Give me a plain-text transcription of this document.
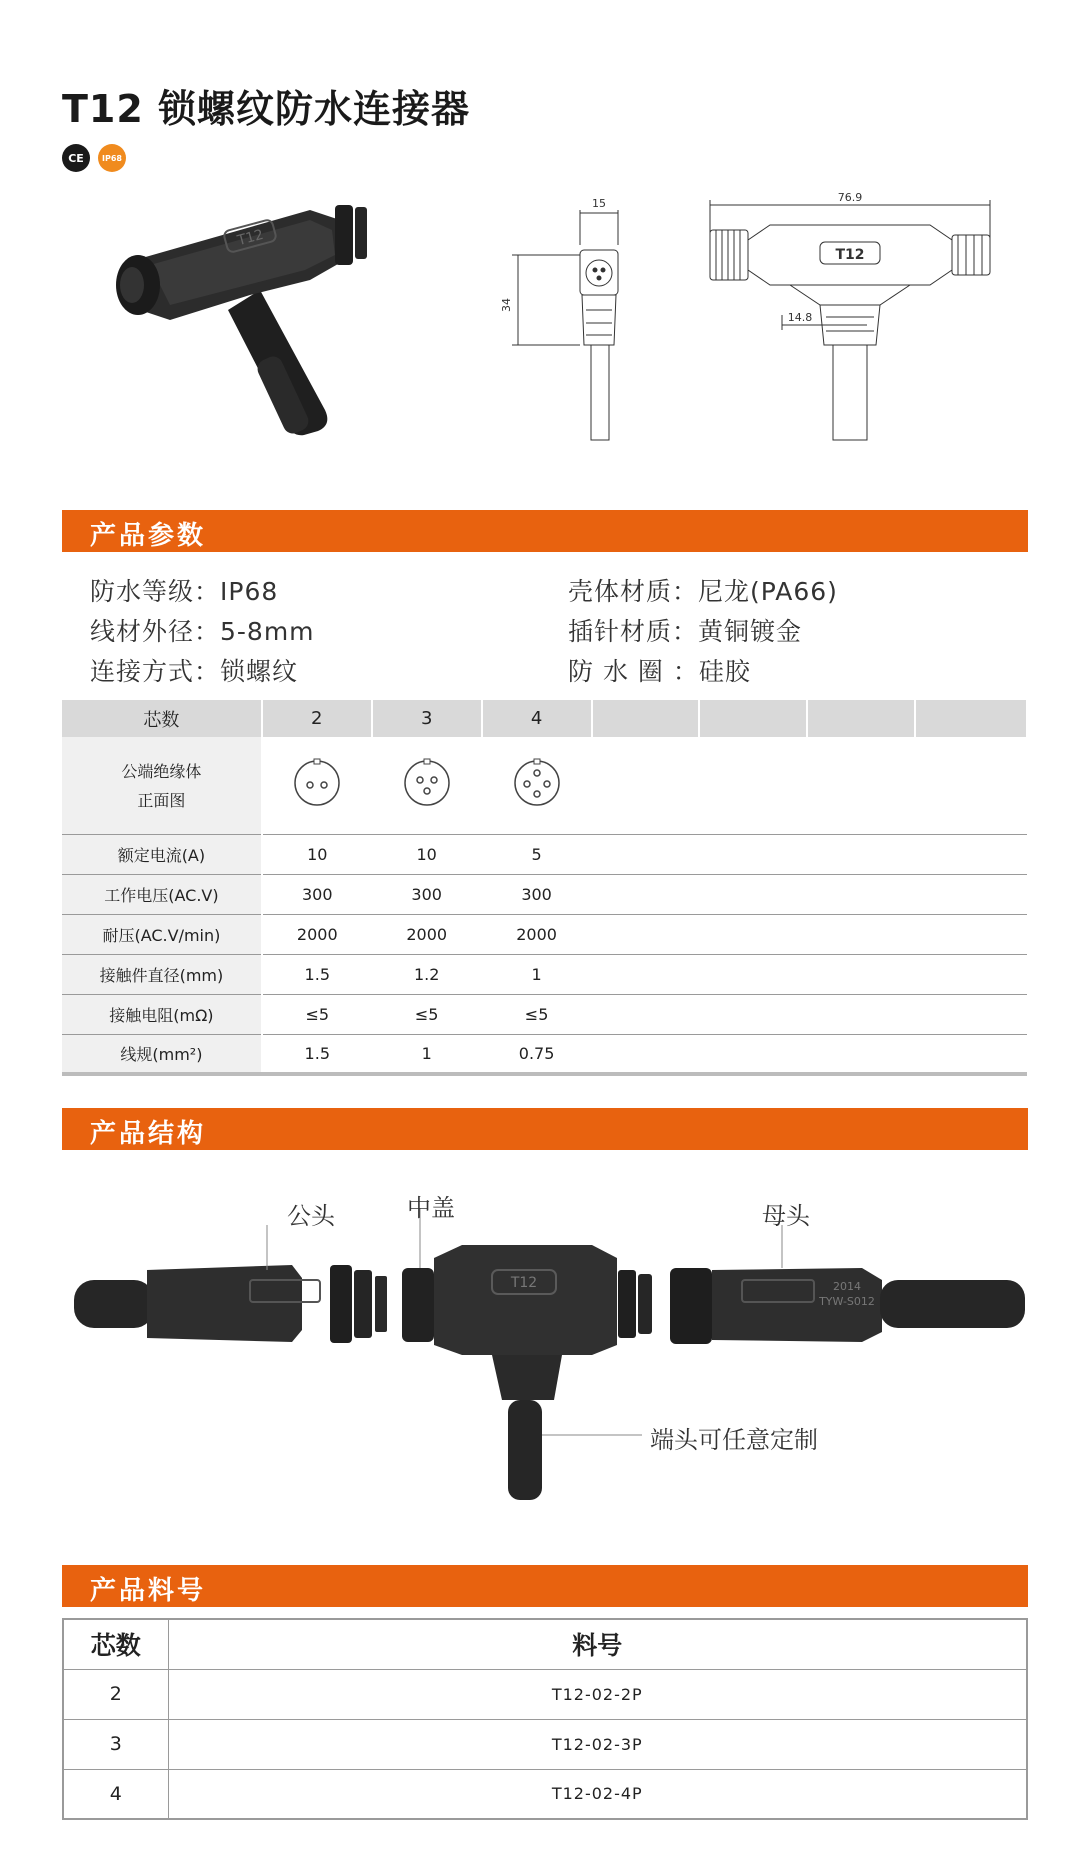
T12 锁螺纹防水连接器
CE	IP68
T12
15
34
76.9
14.8
T12
产品参数
防水等级：IP68	壳体材质：尼龙(PA66)
线材外径：5-8mm	插针材质：黄铜镀金
连接方式：锁螺纹	防 水 圈 ：硅胶
芯数	2	3	4				

公端绝缘体
正面图

额定电流(A)	10	10	5				
工作电压(AC.V)	300	300	300				
耐压(AC.V/min)	2000	2000	2000				
接触件直径(mm)	1.5	1.2	1				
接触电阻(mΩ)	≤5	≤5	≤5				
线规(mm²)	1.5	1	0.75				
产品结构
T12	2014
TYW-S012
公头	中盖	母头
端头可任意定制
产品料号
芯数	料号
2	T12-02-2P
3	T12-02-3P
4	T12-02-4P
